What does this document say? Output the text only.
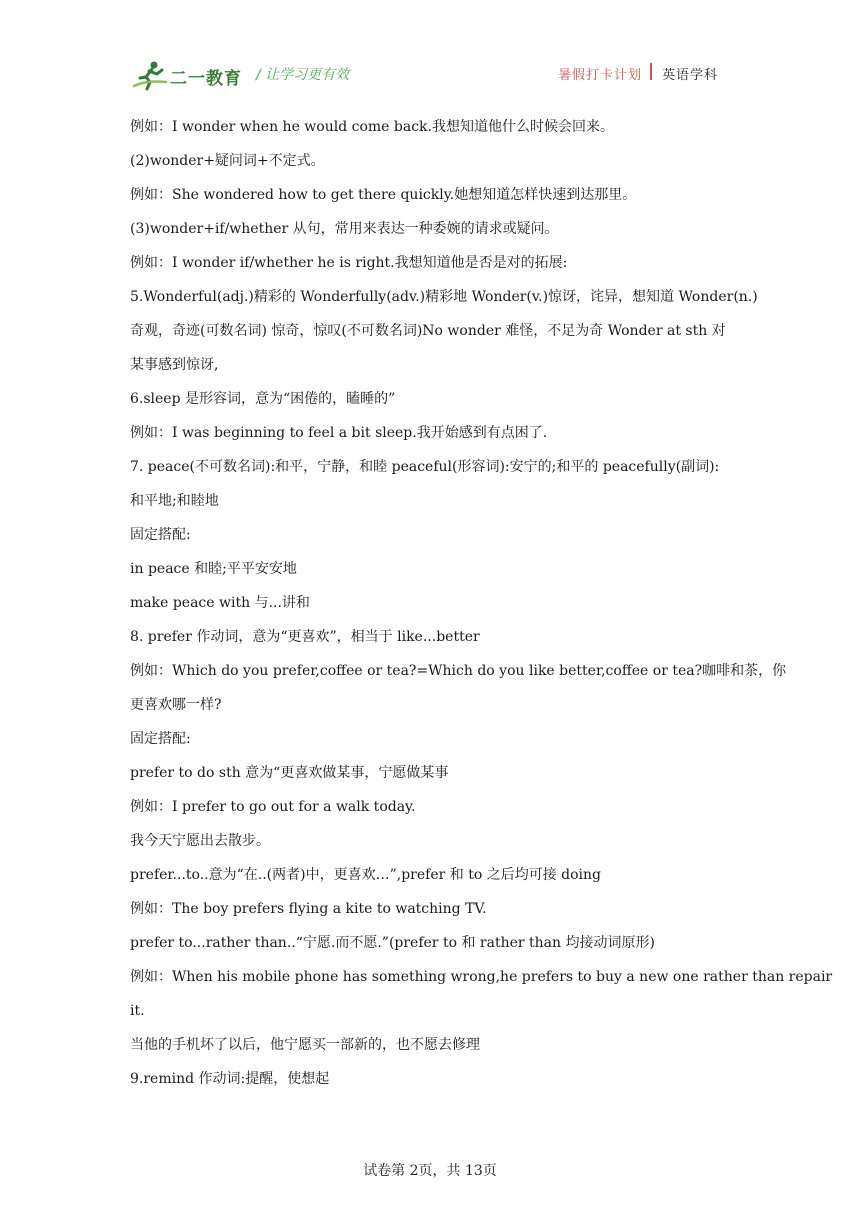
二一教育 / 让学习更有效	暑假打卡计划 英语学科
例如：I wonder when he would come back.我想知道他什么时候会回来。
(2)wonder+疑问词+不定式。
例如：She wondered how to get there quickly.她想知道怎样快速到达那里。
(3)wonder+if/whether 从句，常用来表达一种委婉的请求或疑问。
例如：I wonder if/whether he is right.我想知道他是否是对的拓展:
5.Wonderful(adj.)精彩的 Wonderfully(adv.)精彩地 Wonder(v.)惊讶，诧异，想知道 Wonder(n.)
奇观，奇迹(可数名词) 惊奇，惊叹(不可数名词)No wonder 难怪，不足为奇 Wonder at sth 对
某事感到惊讶,
6.sleep 是形容词，意为“困倦的，瞌睡的”
例如：I was beginning to feel a bit sleep.我开始感到有点困了.
7. peace(不可数名词):和平，宁静，和睦 peaceful(形容词):安宁的;和平的 peacefully(副词):
和平地;和睦地
固定搭配:
in peace 和睦;平平安安地
make peace with 与...讲和
8. prefer 作动词，意为“更喜欢”，相当于 like...better
例如：Which do you prefer,coffee or tea?=Which do you like better,coffee or tea?咖啡和茶，你
更喜欢哪一样?
固定搭配:
prefer to do sth 意为“更喜欢做某事，宁愿做某事
例如：I prefer to go out for a walk today.
我今天宁愿出去散步。
prefer...to..意为“在..(两者)中，更喜欢…”,prefer 和 to 之后均可接 doing
例如：The boy prefers flying a kite to watching TV.
prefer to...rather than..“宁愿.而不愿.”(prefer to 和 rather than 均接动词原形)
例如：When his mobile phone has something wrong,he prefers to buy a new one rather than repair
it.
当他的手机坏了以后，他宁愿买一部新的，也不愿去修理
9.remind 作动词:提醒，使想起
试卷第 2页，共 13页
